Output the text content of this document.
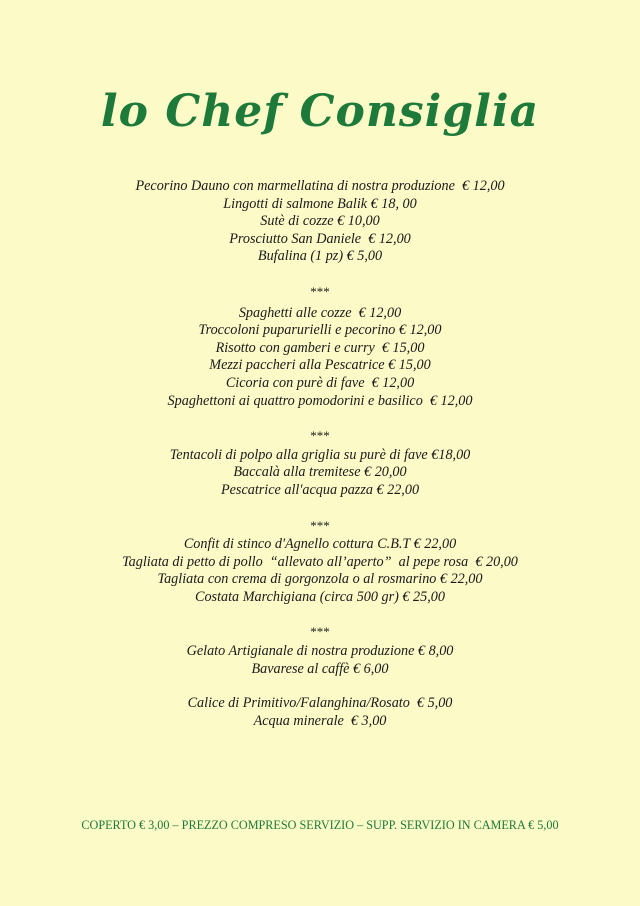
lo Chef Consiglia
Pecorino Dauno con marmellatina di nostra produzione  € 12,00
Lingotti di salmone Balik € 18, 00
Sutè di cozze € 10,00
Prosciutto San Daniele  € 12,00
Bufalina (1 pz) € 5,00
***
Spaghetti alle cozze  € 12,00
Troccoloni puparurielli e pecorino € 12,00
Risotto con gamberi e curry  € 15,00
Mezzi paccheri alla Pescatrice € 15,00
Cicoria con purè di fave  € 12,00
Spaghettoni ai quattro pomodorini e basilico  € 12,00
***
Tentacoli di polpo alla griglia su purè di fave €18,00
Baccalà alla tremitese € 20,00
Pescatrice all'acqua pazza € 22,00
***
Confit di stinco d'Agnello cottura C.B.T € 22,00
Tagliata di petto di pollo  “allevato all’aperto”  al pepe rosa  € 20,00
Tagliata con crema di gorgonzola o al rosmarino € 22,00
Costata Marchigiana (circa 500 gr) € 25,00
***
Gelato Artigianale di nostra produzione € 8,00
Bavarese al caffè € 6,00
Calice di Primitivo/Falanghina/Rosato  € 5,00
Acqua minerale  € 3,00
COPERTO € 3,00 – PREZZO COMPRESO SERVIZIO – SUPP. SERVIZIO IN CAMERA € 5,00
